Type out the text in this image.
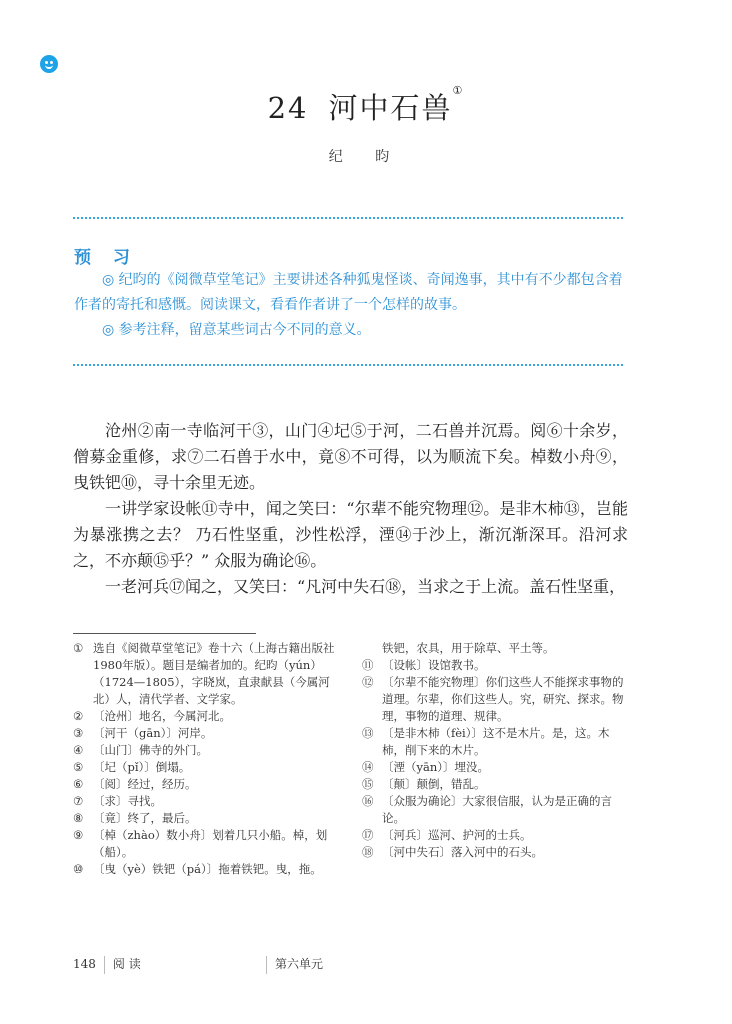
24 河中石兽①
纪 昀
预 习

◎ 纪昀的《阅微草堂笔记》主要讲述各种狐鬼怪谈、奇闻逸事，其中有不少都包含着作者的寄托和感慨。阅读课文，看看作者讲了一个怎样的故事。

◎ 参考注释，留意某些词古今不同的意义。

沧州②南一寺临河干③，山门④圮⑤于河，二石兽并沉焉。阅⑥十余岁，僧募金重修，求⑦二石兽于水中，竟⑧不可得，以为顺流下矣。棹数小舟⑨，曳铁钯⑩，寻十余里无迹。

一讲学家设帐⑪寺中，闻之笑曰：“尔辈不能究物理⑫。是非木柿⑬，岂能为暴涨携之去？ 乃石性坚重，沙性松浮，湮⑭于沙上，渐沉渐深耳。沿河求之，不亦颠⑮乎？” 众服为确论⑯。

一老河兵⑰闻之，又笑曰：“凡河中失石⑱，当求之于上流。盖石性坚重，

① 选自《阅微草堂笔记》卷十六（上海古籍出版社1980年版）。题目是编者加的。纪昀（yún）（1724—1805），字晓岚，直隶献县（今属河北）人，清代学者、文学家。
② 〔沧州〕地名，今属河北。
③ 〔河干（gān）〕河岸。
④ 〔山门〕佛寺的外门。
⑤ 〔圮（pǐ）〕倒塌。
⑥ 〔阅〕经过，经历。
⑦ 〔求〕寻找。
⑧ 〔竟〕终了，最后。
⑨ 〔棹（zhào）数小舟〕划着几只小船。棹，划（船）。
⑩ 〔曳（yè）铁钯（pá）〕拖着铁钯。曳，拖。
铁钯，农具，用于除草、平土等。
⑪ 〔设帐〕设馆教书。
⑫ 〔尔辈不能究物理〕你们这些人不能探求事物的道理。尔辈，你们这些人。究，研究、探求。物理，事物的道理、规律。
⑬ 〔是非木柿（fèi）〕这不是木片。是，这。木柿，削下来的木片。
⑭ 〔湮（yān）〕埋没。
⑮ 〔颠〕颠倒，错乱。
⑯ 〔众服为确论〕大家很信服，认为是正确的言论。
⑰ 〔河兵〕巡河、护河的士兵。
⑱ 〔河中失石〕落入河中的石头。
148 阅 读	第六单元
